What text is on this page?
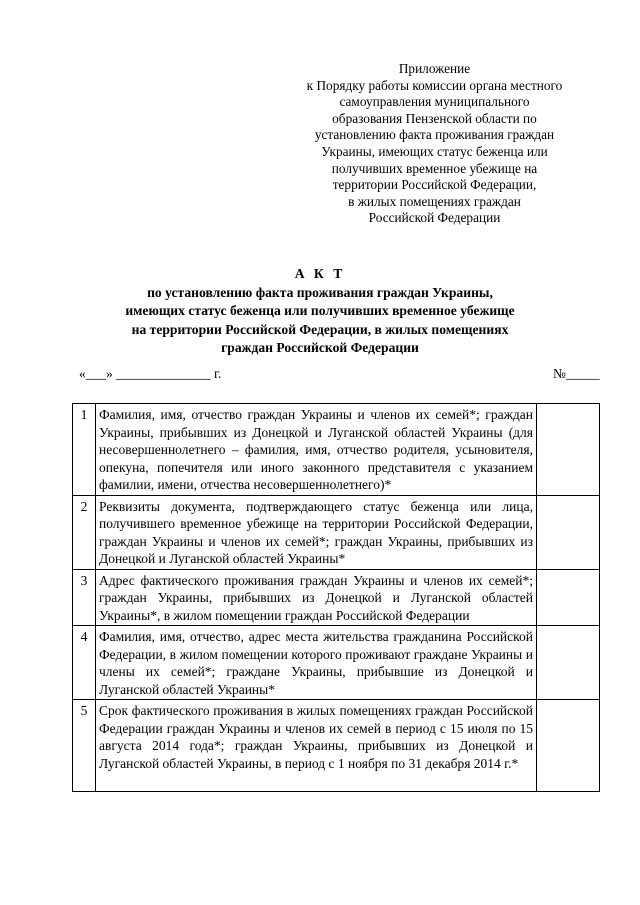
Приложение
к Порядку работы комиссии органа местного
самоуправления муниципального
образования Пензенской области по
установлению факта проживания граждан
Украины, имеющих статус беженца или
получивших временное убежище на
территории Российской Федерации,
в жилых помещениях граждан
Российской Федерации
А К Т
по установлению факта проживания граждан Украины,
имеющих статус беженца или получивших временное убежище
на территории Российской Федерации, в жилых помещениях
граждан Российской Федерации
«___» ______________ г.	№_____
1	Фамилия, имя, отчество граждан Украины и членов их семей*; граждан Украины, прибывших из Донецкой и Луганской областей Украины (для несовершеннолетнего – фамилия, имя, отчество родителя, усыновителя, опекуна, попечителя или иного законного представителя с указанием фамилии, имени, отчества несовершеннолетнего)*	
2	Реквизиты документа, подтверждающего статус беженца или лица, получившего временное убежище на территории Российской Федерации, граждан Украины и членов их семей*; граждан Украины, прибывших из Донецкой и Луганской областей Украины*	
3	Адрес фактического проживания граждан Украины и членов их семей*; граждан Украины, прибывших из Донецкой и Луганской областей Украины*, в жилом помещении граждан Российской Федерации	
4	Фамилия, имя, отчество, адрес места жительства гражданина Российской Федерации, в жилом помещении которого проживают граждане Украины и члены их семей*; граждане Украины, прибывшие из Донецкой и Луганской областей Украины*	
5	Срок фактического проживания в жилых помещениях граждан Российской Федерации граждан Украины и членов их семей в период с 15 июля по 15 августа 2014 года*; граждан Украины, прибывших из Донецкой и Луганской областей Украины, в период с 1 ноября по 31 декабря 2014 г.*	
